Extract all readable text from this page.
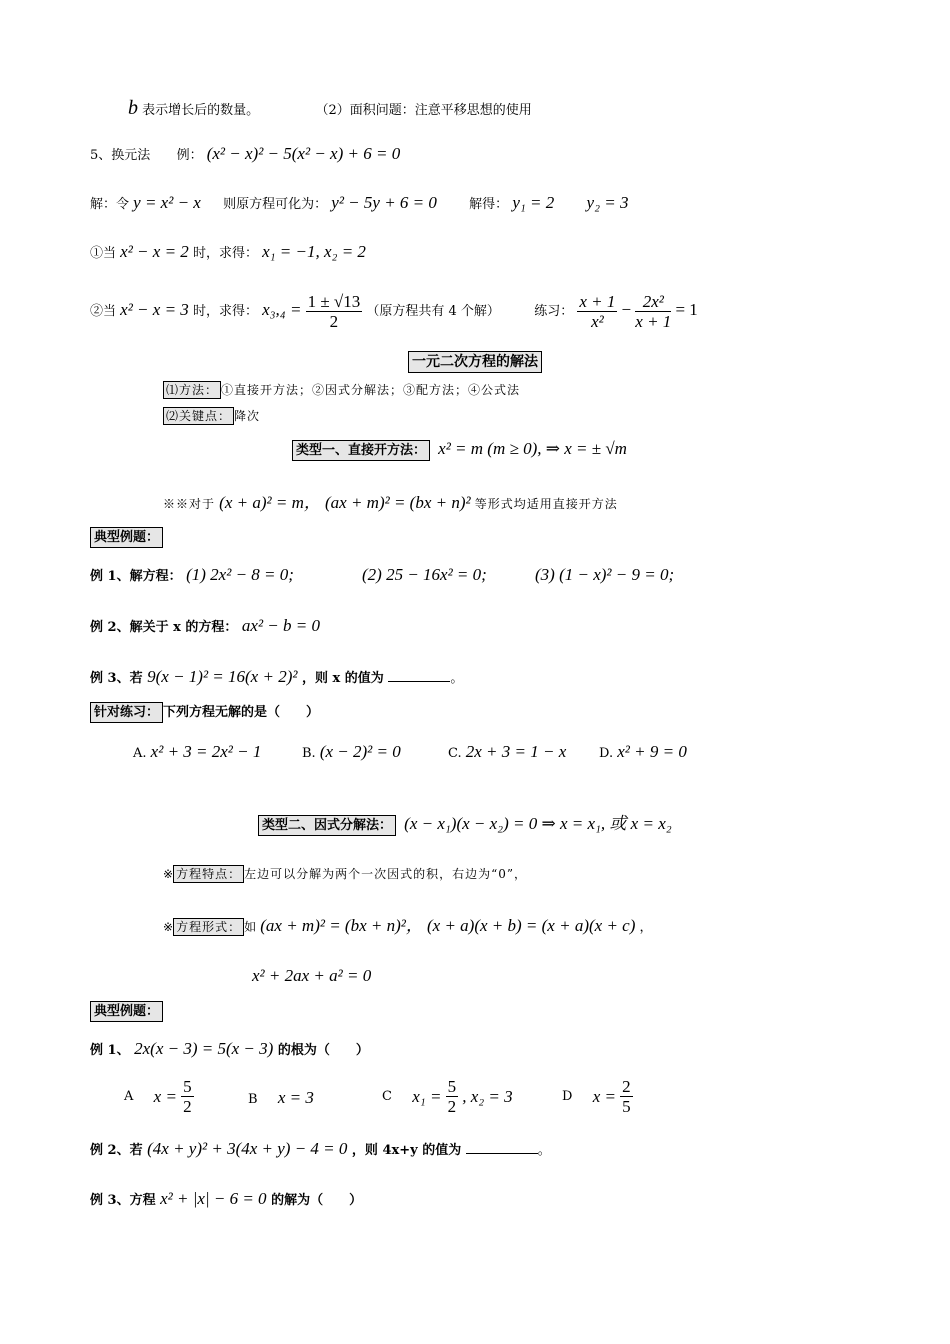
b 表示增长后的数量。	（2）面积问题：注意平移思想的使用
5、换元法 例： (x² − x)² − 5(x² − x) + 6 = 0
解：令 y = x² − x 则原方程可化为： y² − 5y + 6 = 0 解得： y₁ = 2 y₂ = 3
①当 x² − x = 2 时，求得： x₁ = −1, x₂ = 2
②当 x² − x = 3 时，求得： $x_3,_4 = \frac{1 \pm √13}{2}$ （原方程共有 4 个解）	练习： $\frac{x + 1}{\text{x²}} - \frac{\text{2x²}}{x + 1} = 1$
一元二次方程的解法
⑴方法： ①直接开方法；②因式分解法；③配方法；④公式法
⑵关键点： 降次
类型一、直接开方法： x² = m (m ≥ 0), ⇒ x = ± √m
※※对于 (x + a)² = m， (ax + m)² = (bx + n)² 等形式均适用直接开方法
典型例题：
例 1、解方程： (1) 2x² − 8 = 0;	(2) 25 − 16x² = 0;	(3) (1 − x)² − 9 = 0;
例 2、解关于 x 的方程： ax² − b = 0
例 3、若 9(x − 1)² = 16(x + 2)² ，则 x 的值为	。
针对练习： 下列方程无解的是（　　）
A. x² + 3 = 2x² − 1	B. (x − 2)² = 0	C. 2x + 3 = 1 − x	D. x² + 9 = 0
类型二、因式分解法： (x − x₁)(x − x₂) = 0 ⇒ x = x₁, 或 x = x₂
※ 方程特点： 左边可以分解为两个一次因式的积，右边为“0”，
※ 方程形式： 如 (ax + m)² = (bx + n)²， (x + a)(x + b) = (x + a)(x + c) ，
x² + 2ax + a² = 0
典型例题：
例 1、 2x(x − 3) = 5(x − 3) 的根为（　　）
A $x = \frac{5}{2}$	B x = 3	C $x_1 = \frac{5}{2}$ , x₂ = 3	D $x = \frac{2}{5}$
例 2、若 (4x + y)² + 3(4x + y) − 4 = 0 ，则 4x+y 的值为	。
例 3、方程 x² + |x| − 6 = 0 的解为（　　）
